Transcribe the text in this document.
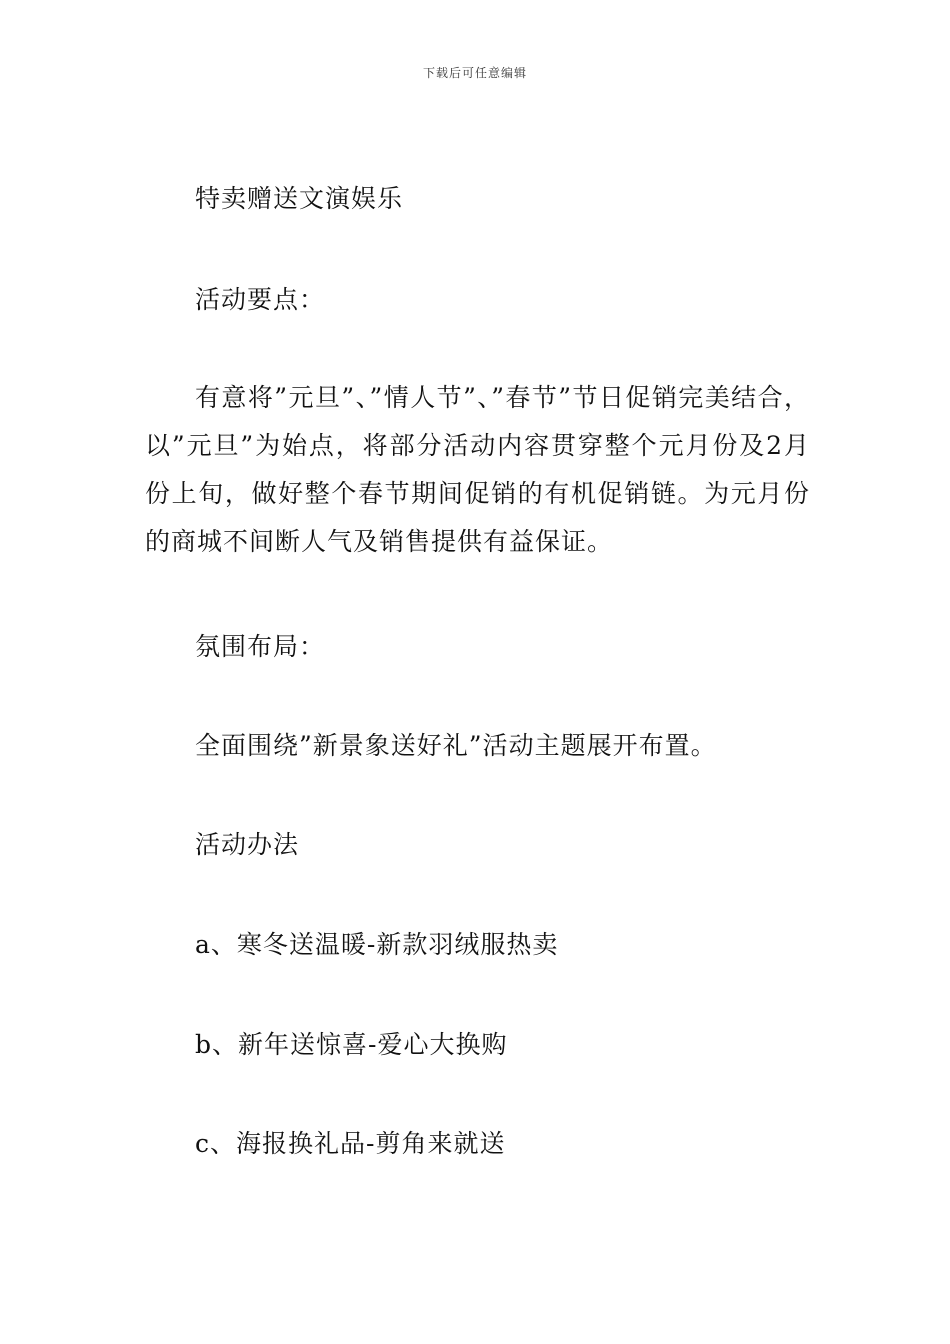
下载后可任意编辑
特卖赠送文演娱乐
活动要点：
有意将”元旦”、”情人节”、”春节”节日促销完美结合，以”元旦”为始点，将部分活动内容贯穿整个元月份及2月份上旬，做好整个春节期间促销的有机促销链。为元月份的商城不间断人气及销售提供有益保证。
氛围布局：
全面围绕”新景象送好礼”活动主题展开布置。
活动办法
a、寒冬送温暖-新款羽绒服热卖
b、新年送惊喜-爱心大换购
c、海报换礼品-剪角来就送
